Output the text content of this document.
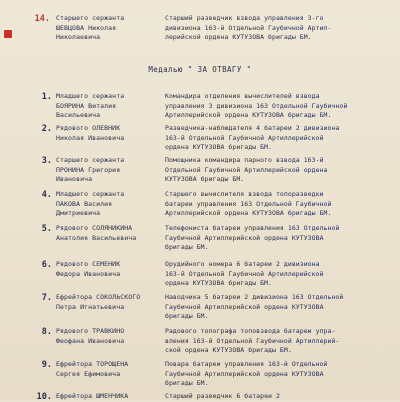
14. Старшего сержанта
ШЕВЦОВА Николая
Николаевича
Старший разведчик взвода управления 3-го
дивизиона 163-й Отдельной Гаубичной Артил-
лерийской ордена КУТУЗОВА бригады БМ.
Медалью " ЗА ОТВАГУ "
1. Младшего сержанта
БОЯРИНА Виталия
Васильевича
Командира отделения вычислителей взвода
управления 3 дивизиона 163 Отдельной Гаубичной
Артиллерийской ордена КУТУЗОВА бригады БМ.
2. Рядового ОЛЕВНИК
Николая Ивановича
Разведчика-наблюдателя 4 батареи 2 дивизиона
163-й Отдельной Гаубичной Артиллерийской
ордена КУТУЗОВА бригады БМ.
3. Старшего сержанта
ПРОНИНА Григория
Ивановича
Помощника командира парного взвода 163-й
Отдельной Гаубичной Артиллерийской ордена
КУТУЗОВА бригады БМ.
4. Младшего сержанта
ПАКОВА Василия
Дмитриевича
Старшего вычислителя взвода топоразведки
батареи управления 163 Отдельной Гаубичной
Артиллерийской ордена КУТУЗОВА бригады БМ.
5. Рядового СОЛЯНИКИНА
Анатолия Васильевича
Телефониста батареи управления 163 Отдельной
Гаубичной Артиллерийской ордена КУТУЗОВА
бригады БМ.
6. Рядового СЕМЕНИК
Федора Ивановича
Орудийного номера 6 батареи 2 дивизиона
163-й Отдельной Гаубичной Артиллерийской
ордена КУТУЗОВА бригады БМ.
7. Ефрейтора СОКОЛЬСКОГО
Петра Игнатьевича
Наводчика 5 батареи 2 дивизиона 163 Отдельной
Гаубичной Артиллерийской ордена КУТУЗОВА
бригады БМ.
8. Рядового ТРАВКИНО
Феофана Ивановича
Радового топографа топовзвода батареи упра-
вления 163-й Отдельной Гаубичной Артиллерий-
ской ордена КУТУЗОВА бригады БМ.
9. Ефрейтора ТОРОЩЕНА
Сергея Ефимовича
Повара батареи управления 163-й Отдельной
Гаубичной Артиллерийской ордена КУТУЗОВА
бригады БМ.
10. Ефрейтора ШМЕНЧИКА	Старший разведчик 6 батареи 2
